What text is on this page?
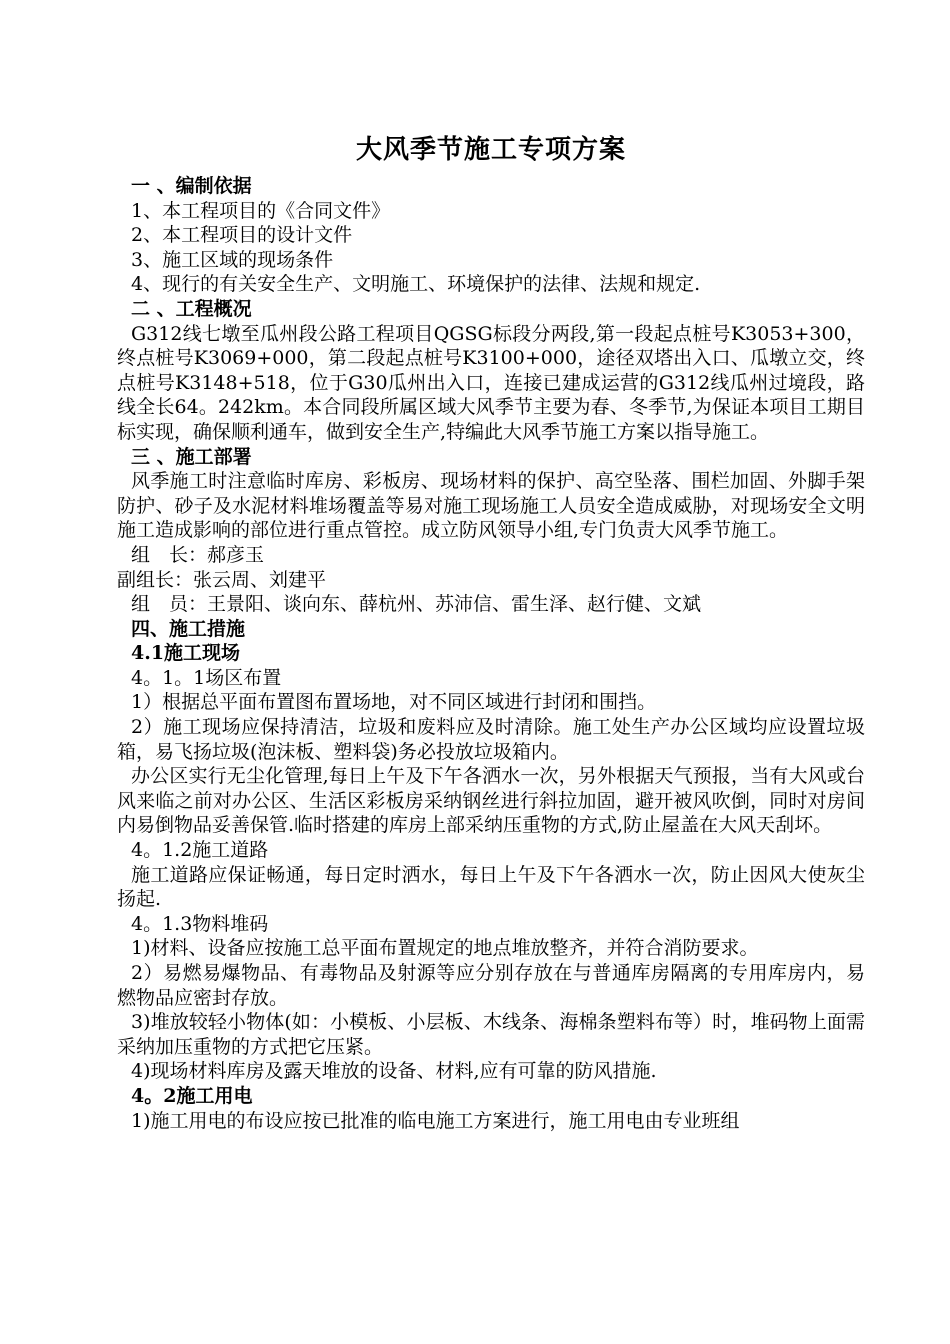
大风季节施工专项方案
一 、编制依据
1、本工程项目的《合同文件》
2、本工程项目的设计文件
3、施工区域的现场条件
4、现行的有关安全生产、文明施工、环境保护的法律、法规和规定.
二 、工程概况

G312线七墩至瓜州段公路工程项目QGSG标段分两段,第一段起点桩号K3053+300，终点桩号K3069+000，第二段起点桩号K3100+000，途径双塔出入口、瓜墩立交，终点桩号K3148+518，位于G30瓜州出入口，连接已建成运营的G312线瓜州过境段，路线全长64。242km。本合同段所属区域大风季节主要为春、冬季节,为保证本项目工期目标实现，确保顺利通车，做到安全生产,特编此大风季节施工方案以指导施工。

三 、施工部署

风季施工时注意临时库房、彩板房、现场材料的保护、高空坠落、围栏加固、外脚手架防护、砂子及水泥材料堆场覆盖等易对施工现场施工人员安全造成威胁，对现场安全文明施工造成影响的部位进行重点管控。成立防风领导小组,专门负责大风季节施工。

组　长：郝彦玉
副组长：张云周、刘建平
组　员：王景阳、谈向东、薛杭州、苏沛信、雷生泽、赵行健、文斌
四、施工措施
4.1施工现场
4。1。1场区布置

1）根据总平面布置图布置场地，对不同区域进行封闭和围挡。

2）施工现场应保持清洁，垃圾和废料应及时清除。施工处生产办公区域均应设置垃圾箱，易飞扬垃圾(泡沫板、塑料袋)务必投放垃圾箱内。

办公区实行无尘化管理,每日上午及下午各洒水一次，另外根据天气预报，当有大风或台风来临之前对办公区、生活区彩板房采纳钢丝进行斜拉加固，避开被风吹倒，同时对房间内易倒物品妥善保管.临时搭建的库房上部采纳压重物的方式,防止屋盖在大风天刮坏。

4。1.2施工道路

施工道路应保证畅通，每日定时洒水，每日上午及下午各洒水一次，防止因风大使灰尘扬起.

4。1.3物料堆码

1)材料、设备应按施工总平面布置规定的地点堆放整齐，并符合消防要求。

2）易燃易爆物品、有毒物品及射源等应分别存放在与普通库房隔离的专用库房内，易燃物品应密封存放。

3)堆放较轻小物体(如：小模板、小层板、木线条、海棉条塑料布等）时，堆码物上面需采纳加压重物的方式把它压紧。

4)现场材料库房及露天堆放的设备、材料,应有可靠的防风措施.

4。2施工用电

1)施工用电的布设应按已批准的临电施工方案进行，施工用电由专业班组
